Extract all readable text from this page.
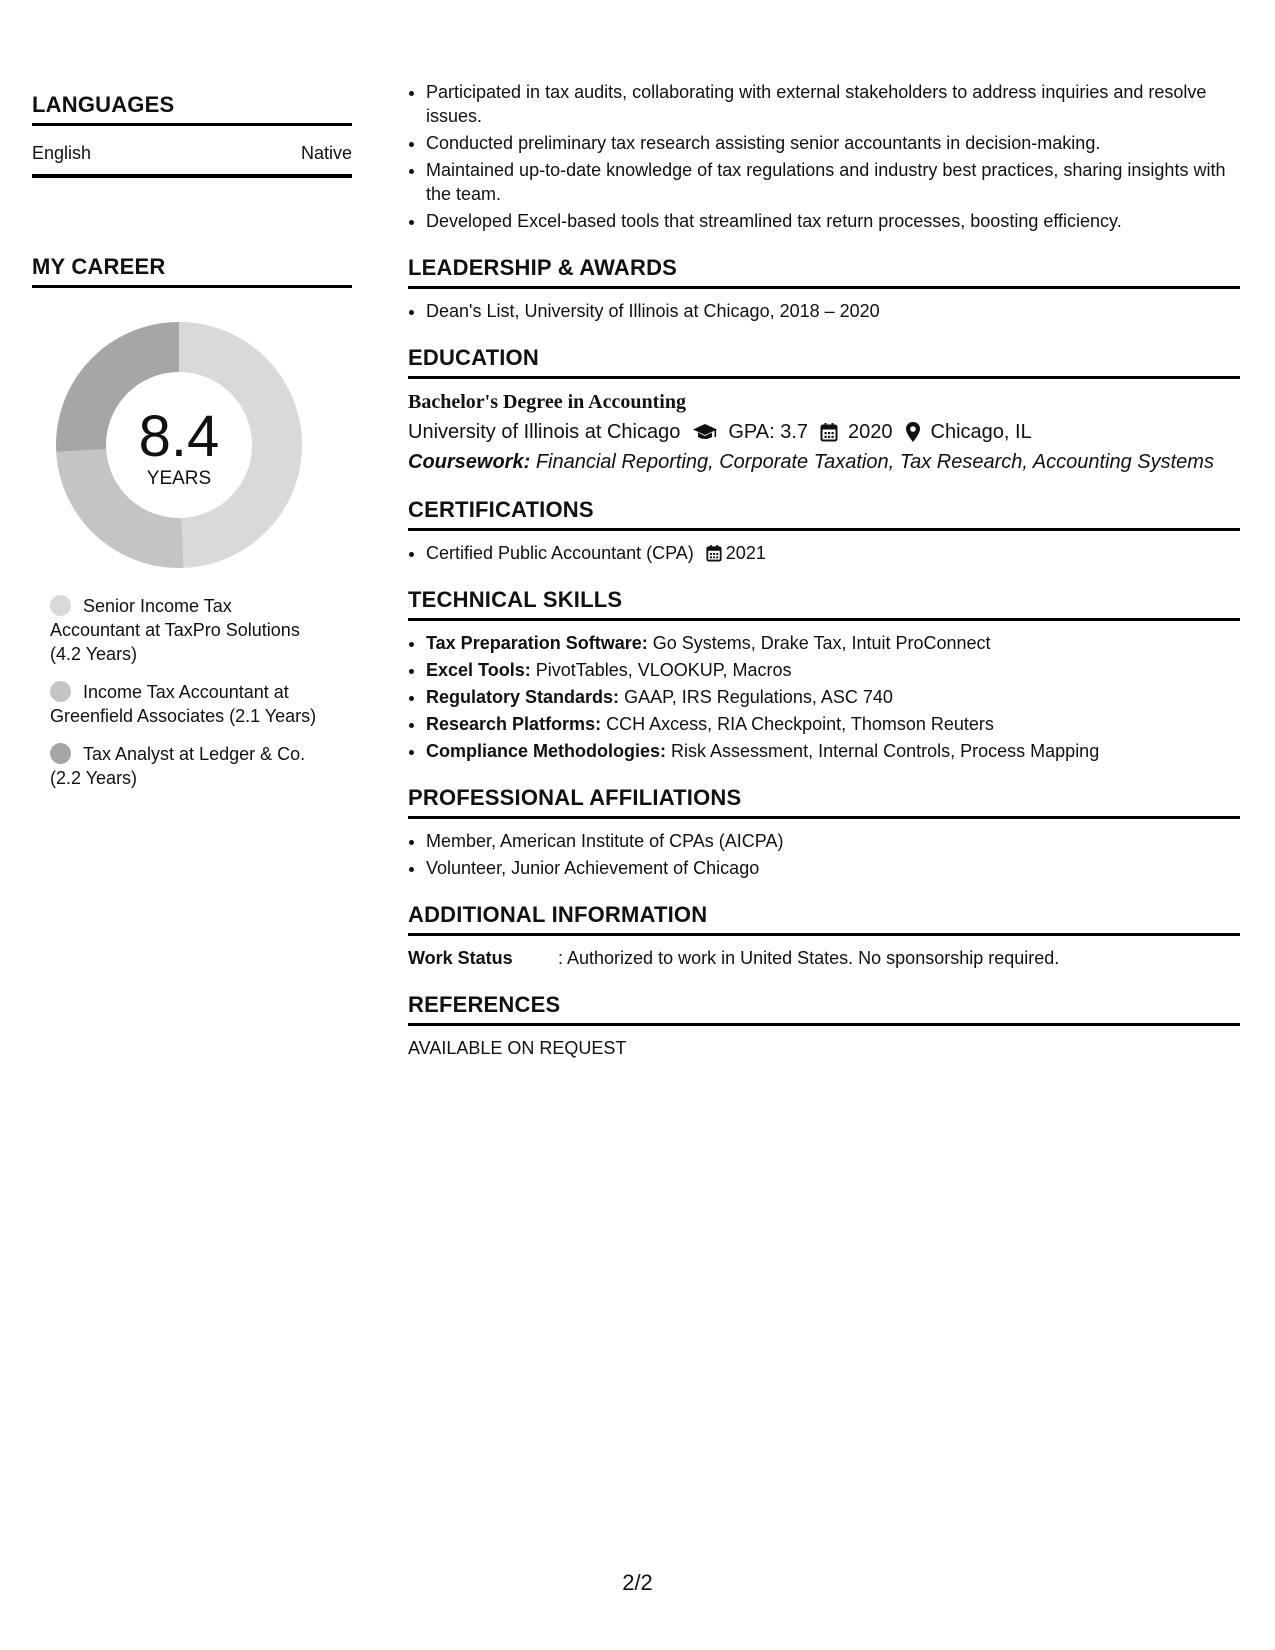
LANGUAGES
English	Native
MY CAREER
8.4
YEARS
Senior Income Tax Accountant at TaxPro Solutions (4.2 Years)
Income Tax Accountant at Greenfield Associates (2.1 Years)
Tax Analyst at Ledger & Co. (2.2 Years)
• Participated in tax audits, collaborating with external stakeholders to address inquiries and resolve issues.
• Conducted preliminary tax research assisting senior accountants in decision-making.
• Maintained up-to-date knowledge of tax regulations and industry best practices, sharing insights with the team.
• Developed Excel-based tools that streamlined tax return processes, boosting efficiency.
LEADERSHIP & AWARDS
• Dean's List, University of Illinois at Chicago, 2018 – 2020
EDUCATION
Bachelor's Degree in Accounting
University of Illinois at Chicago GPA: 3.7 2020 Chicago, IL
Coursework: Financial Reporting, Corporate Taxation, Tax Research, Accounting Systems
CERTIFICATIONS
• Certified Public Accountant (CPA) 2021
TECHNICAL SKILLS
• Tax Preparation Software: Go Systems, Drake Tax, Intuit ProConnect
• Excel Tools: PivotTables, VLOOKUP, Macros
• Regulatory Standards: GAAP, IRS Regulations, ASC 740
• Research Platforms: CCH Axcess, RIA Checkpoint, Thomson Reuters
• Compliance Methodologies: Risk Assessment, Internal Controls, Process Mapping
PROFESSIONAL AFFILIATIONS
• Member, American Institute of CPAs (AICPA)
• Volunteer, Junior Achievement of Chicago
ADDITIONAL INFORMATION
Work Status	: Authorized to work in United States. No sponsorship required.
REFERENCES
AVAILABLE ON REQUEST
2/2
